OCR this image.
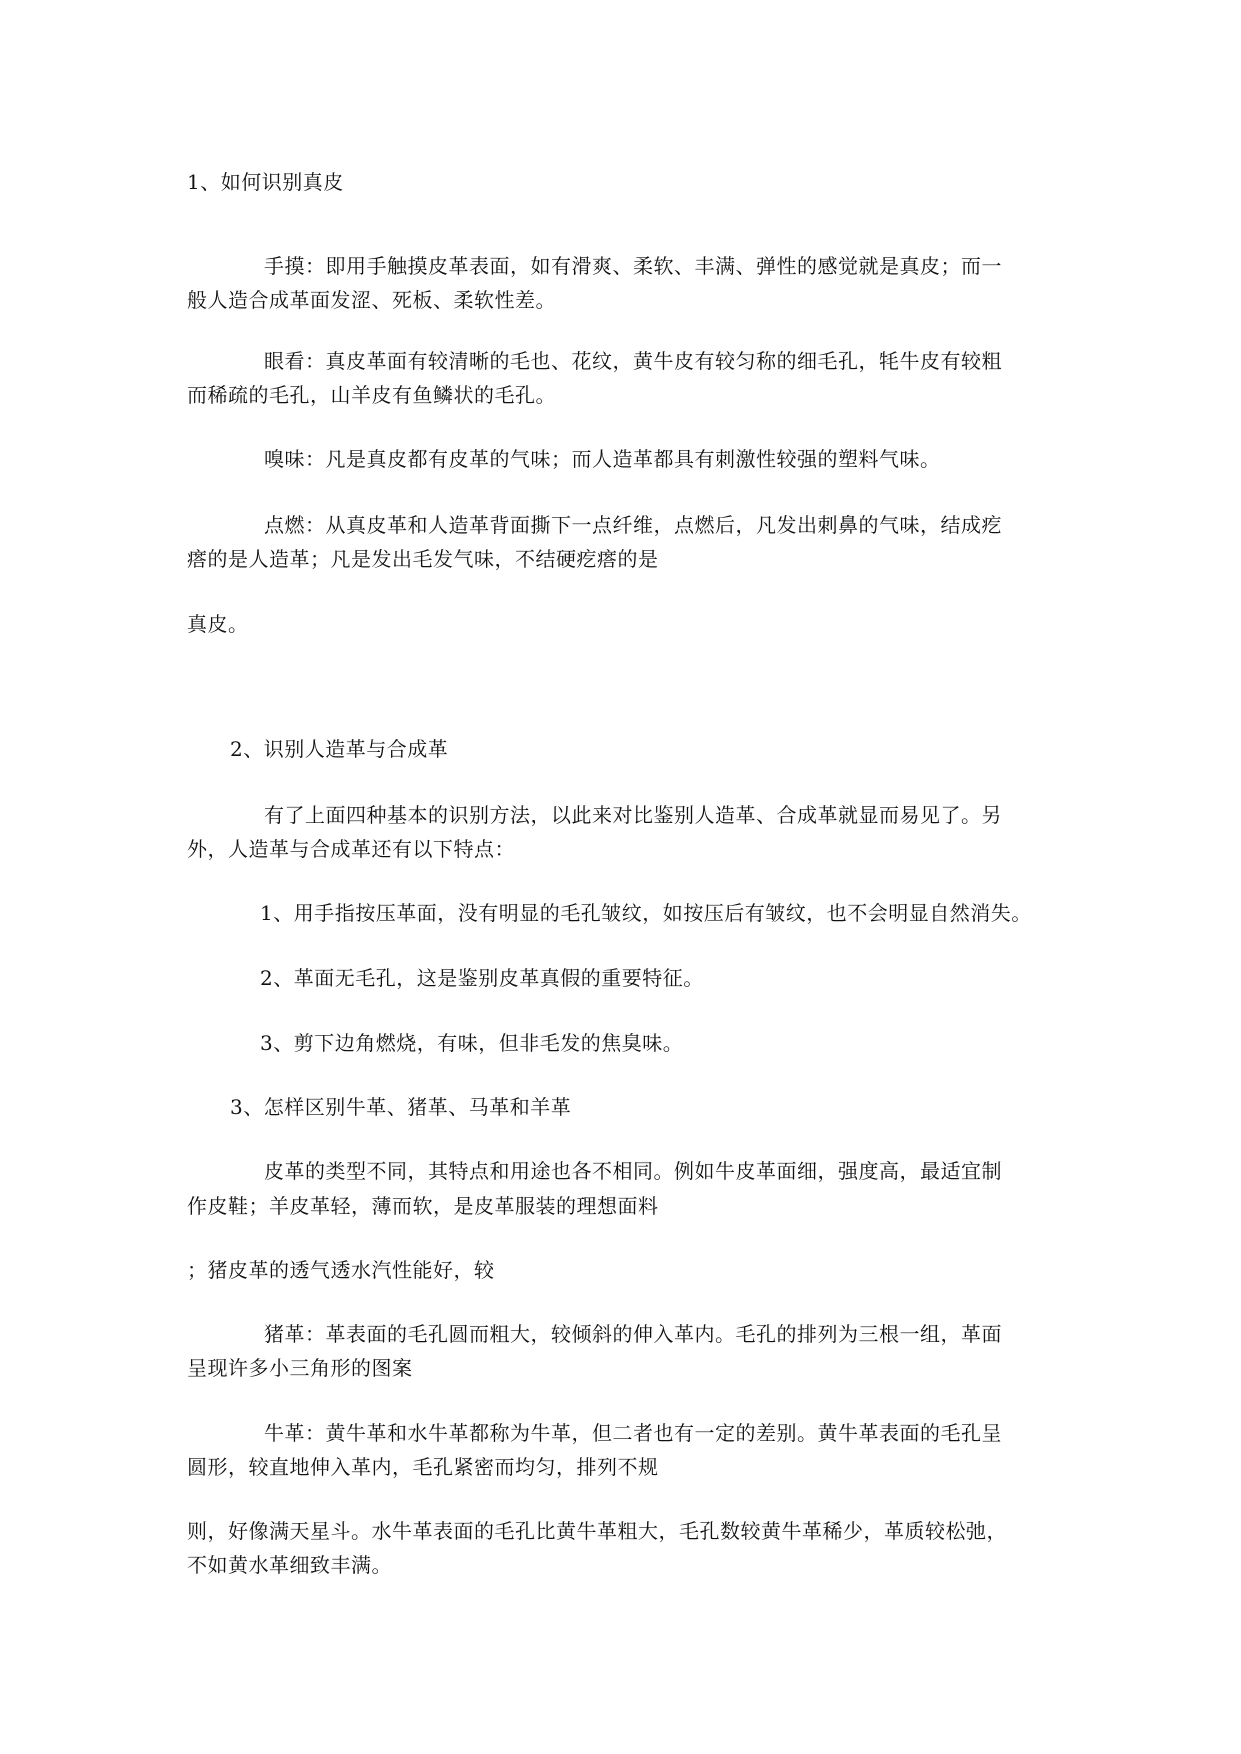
1、如何识别真皮
手摸：即用手触摸皮革表面，如有滑爽、柔软、丰满、弹性的感觉就是真皮；而一
般人造合成革面发涩、死板、柔软性差。
眼看：真皮革面有较清晰的毛也、花纹，黄牛皮有较匀称的细毛孔，牦牛皮有较粗
而稀疏的毛孔，山羊皮有鱼鳞状的毛孔。
嗅味：凡是真皮都有皮革的气味；而人造革都具有刺激性较强的塑料气味。
点燃：从真皮革和人造革背面撕下一点纤维，点燃后，凡发出刺鼻的气味，结成疙
瘩的是人造革；凡是发出毛发气味，不结硬疙瘩的是
真皮。
2、识别人造革与合成革
有了上面四种基本的识别方法，以此来对比鉴别人造革、合成革就显而易见了。另
外，人造革与合成革还有以下特点：
1、用手指按压革面，没有明显的毛孔皱纹，如按压后有皱纹，也不会明显自然消失。
2、革面无毛孔，这是鉴别皮革真假的重要特征。
3、剪下边角燃烧，有味，但非毛发的焦臭味。
3、怎样区别牛革、猪革、马革和羊革
皮革的类型不同，其特点和用途也各不相同。例如牛皮革面细，强度高，最适宜制
作皮鞋；羊皮革轻，薄而软，是皮革服装的理想面料
；猪皮革的透气透水汽性能好，较
猪革：革表面的毛孔圆而粗大，较倾斜的伸入革内。毛孔的排列为三根一组，革面
呈现许多小三角形的图案
牛革：黄牛革和水牛革都称为牛革，但二者也有一定的差别。黄牛革表面的毛孔呈
圆形，较直地伸入革内，毛孔紧密而均匀，排列不规
则，好像满天星斗。水牛革表面的毛孔比黄牛革粗大，毛孔数较黄牛革稀少，革质较松弛，
不如黄水革细致丰满。
